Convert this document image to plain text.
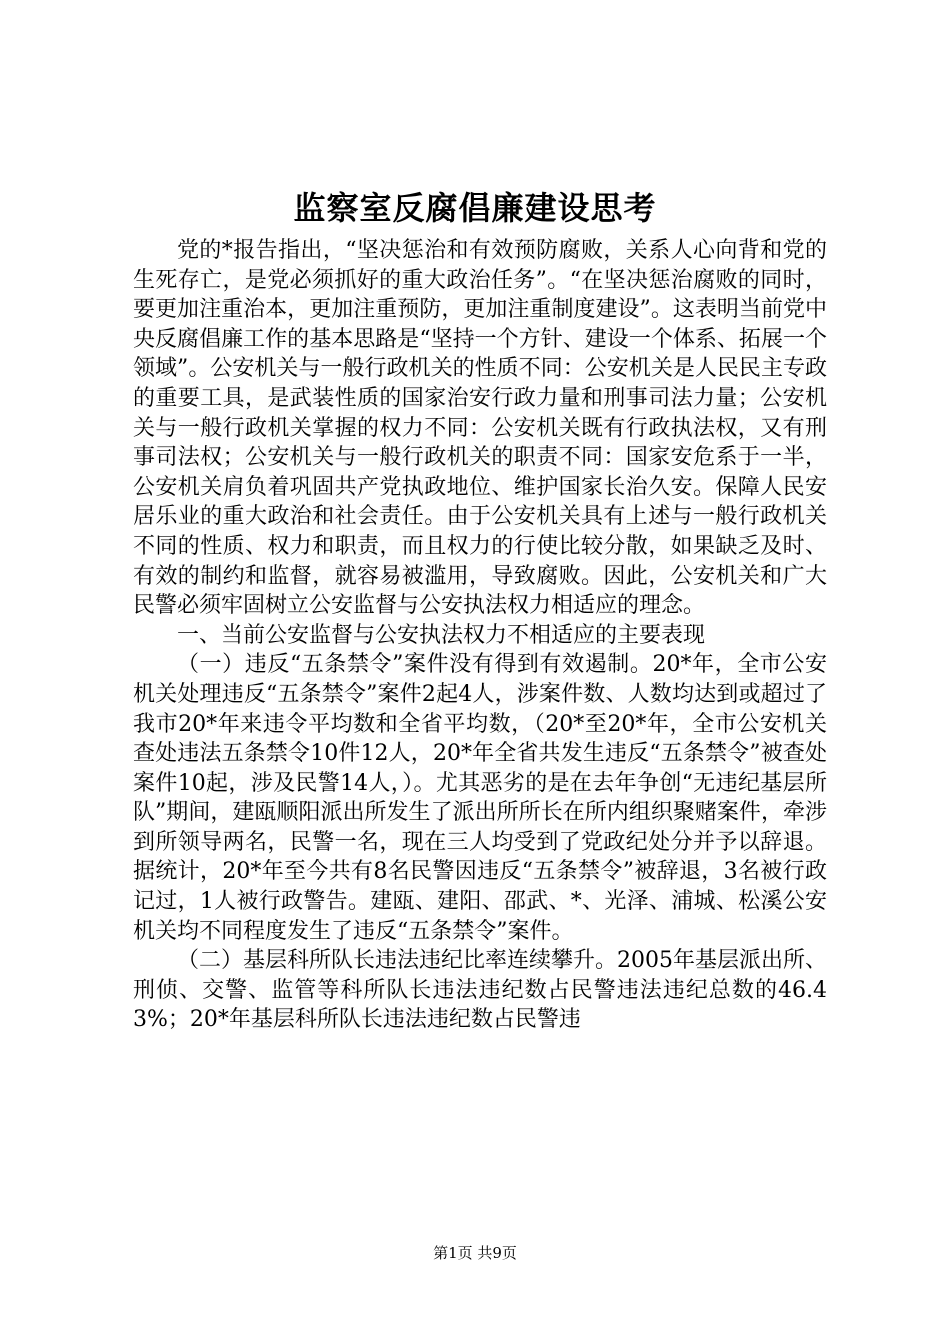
监察室反腐倡廉建设思考

党的*报告指出，“坚决惩治和有效预防腐败，关系人心向背和党的生死存亡，是党必须抓好的重大政治任务”。“在坚决惩治腐败的同时，要更加注重治本，更加注重预防，更加注重制度建设”。这表明当前党中央反腐倡廉工作的基本思路是“坚持一个方针、建设一个体系、拓展一个领域”。公安机关与一般行政机关的性质不同：公安机关是人民民主专政的重要工具，是武装性质的国家治安行政力量和刑事司法力量；公安机关与一般行政机关掌握的权力不同：公安机关既有行政执法权，又有刑事司法权；公安机关与一般行政机关的职责不同：国家安危系于一半，公安机关肩负着巩固共产党执政地位、维护国家长治久安。保障人民安居乐业的重大政治和社会责任。由于公安机关具有上述与一般行政机关不同的性质、权力和职责，而且权力的行使比较分散，如果缺乏及时、有效的制约和监督，就容易被滥用，导致腐败。因此，公安机关和广大民警必须牢固树立公安监督与公安执法权力相适应的理念。

一、当前公安监督与公安执法权力不相适应的主要表现

（一）违反“五条禁令”案件没有得到有效遏制。20*年，全市公安机关处理违反“五条禁令”案件2起4人，涉案件数、人数均达到或超过了我市20*年来违令平均数和全省平均数，（20*至20*年，全市公安机关查处违法五条禁令10件12人，20*年全省共发生违反“五条禁令”被查处案件10起，涉及民警14人，）。尤其恶劣的是在去年争创“无违纪基层所队”期间，建瓯顺阳派出所发生了派出所所长在所内组织聚赌案件，牵涉到所领导两名，民警一名，现在三人均受到了党政纪处分并予以辞退。据统计，20*年至今共有8名民警因违反“五条禁令”被辞退，3名被行政记过，1人被行政警告。建瓯、建阳、邵武、*、光泽、浦城、松溪公安机关均不同程度发生了违反“五条禁令”案件。

（二）基层科所队长违法违纪比率连续攀升。2005年基层派出所、刑侦、交警、监管等科所队长违法违纪数占民警违法违纪总数的46.43%；20*年基层科所队长违法违纪数占民警违

第1页 共9页
